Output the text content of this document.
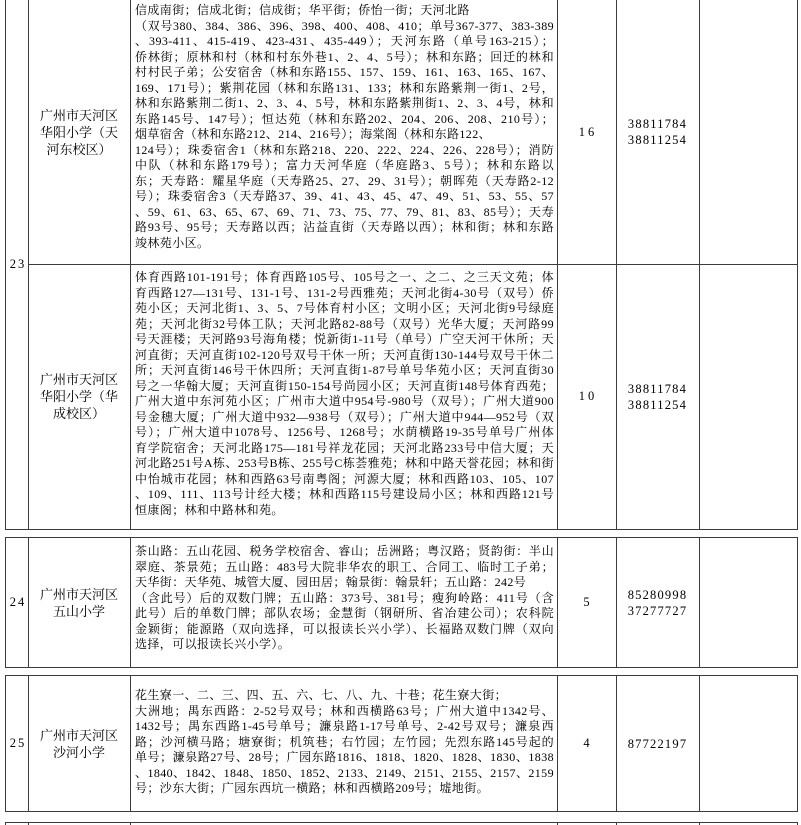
23
广州市天河区华阳小学（天河东校区）
信成南街；信成北街；信成街；华平街；侨怡一街；天河北路
（双号380、384、386、396、398、400、408、410；单号367-377、383-389
、393-411、415-419、423-431、435-449）；天河东路（单号163-215）；
侨林街；原林和村（林和村东外巷1、2、4、5号）；林和东路；回迁的林和
村村民子弟；公安宿舍（林和东路155、157、159、161、163、165、167、
169、171号）；紫荆花园（林和东路131、133；林和东路紫荆一街1、2号，
林和东路紫荆二街1、2、3、4、5号，林和东路紫荆街1、2、3、4号，林和
东路145号、147号）；恒达苑（林和东路202、204、206、208、210号）；
烟草宿舍（林和东路212、214、216号）；海棠阁（林和东路122、
124号）；珠委宿舍1（林和东路218、220、222、224、226、228号）；消防
中队（林和东路179号）；富力天河华庭（华庭路3、5号）；林和东路以
东；天寿路：耀星华庭（天寿路25、27、29、31号）；朝晖苑（天寿路2-12
号）；珠委宿舍3（天寿路37、39、41、43、45、47、49、51、53、55、57
、59、61、63、65、67、69、71、73、75、77、79、81、83、85号）；天寿
路93号、95号；天寿路以西；沾益直街（天寿路以西）；林和街；林和东路
竣林苑小区。
16
38811784
38811254
广州市天河区华阳小学（华成校区）
体育西路101-191号；体育西路105号、105号之一、之二、之三天文苑；体
育西路127—131号、131-1号、131-2号西雅苑；天河北街4-30号（双号）侨
苑小区；天河北街1、3、5、7号体育村小区；文明小区；天河北街9号绿庭
苑；天河北街32号体工队；天河北路82-88号（双号）光华大厦；天河路99
号天涯楼；天河路93号海角楼；悦新街1-11号（单号）广空天河干休所；天
河直街；天河直街102-120号双号干休一所；天河直街130-144号双号干休二
所；天河直街146号干休四所；天河直街1-87号单号华苑小区；天河直街30
号之一华翰大厦；天河直街150-154号尚园小区；天河直街148号体育西苑；
广州大道中东河苑小区；广州市大道中954号-980号（双号）；广州大道900
号金穗大厦；广州大道中932—938号（双号）；广州大道中944—952号（双
号）；广州大道中1078号、1256号、1268号；水荫横路19-35号单号广州体
育学院宿舍；天河北路175—181号祥龙花园；天河北路233号中信大厦；天
河北路251号A栋、253号B栋、255号C栋荟雅苑；林和中路天誉花园；林和街
中怡城市花园；林和西路63号南粤阁；河源大厦；林和西路103、105、107
、109、111、113号计经大楼；林和西路115号建设局小区；林和西路121号
恒康阁；林和中路林和苑。
10
38811784
38811254
24
广州市天河区五山小学
茶山路：五山花园、税务学校宿舍、睿山；岳洲路；粤汉路；贤韵街：半山
翠庭、茶景苑；五山路：483号大院非华农的职工、合同工、临时工子弟；
天华街：天华苑、城管大厦、园田居；翰景街：翰景轩；五山路：242号
（含此号）后的双数门牌；五山路：373号、381号；瘦狗岭路：411号（含
此号）后的单数门牌；部队农场；金慧街（钢研所、省冶建公司）；农科院
金颖街；能源路（双向选择，可以报读长兴小学）、长福路双数门牌（双向
选择，可以报读长兴小学）。
5
85280998
37277727
25
广州市天河区沙河小学
花生寮一、二、三、四、五、六、七、八、九、十巷；花生寮大街；
大洲地；禺东西路：2-52号双号；林和西横路63号；广州大道中1342号、
1432号；禺东西路1-45号单号；濂泉路1-17号单号、2-42号双号；濂泉西
路；沙河横马路；塘寮街；机筑巷；右竹园；左竹园；先烈东路145号起的
单号；濂泉路27号、28号；广园东路1816、1818、1820、1828、1830、1838
、1840、1842、1848、1850、1852、2133、2149、2151、2155、2157、2159
号；沙东大街；广园东西坑一横路；林和西横路209号；墟地街。
4	87722197
